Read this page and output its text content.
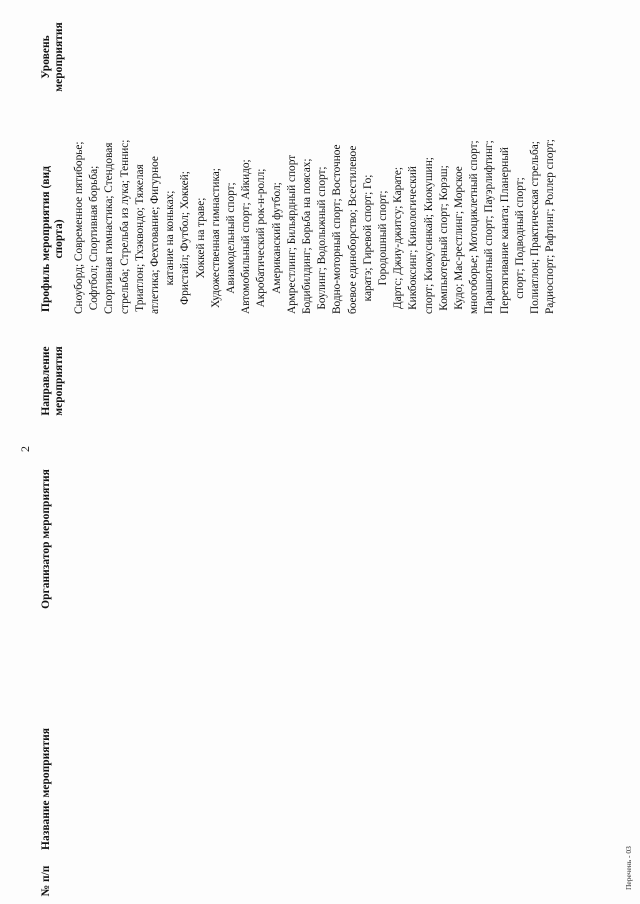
2
№ п/п
Название мероприятия
Организатор мероприятия
Направление мероприятия
Профиль мероприятия (вид спорта)
Уровень мероприятия
Сноуборд; Современное пятиборье; Софтбол; Спортивная борьба; Спортивная гимнастика; Стендовая стрельба; Стрельба из лука; Теннис; Триатлон; Тхэквондо; Тяжелая атлетика; Фехтование; Фигурное катание на коньках; Фристайл; Футбол; Хоккей; Хоккей на траве; Художественная гимнастика; Авиамодельный спорт; Автомобильный спорт; Айкидо; Акробатический рок-н-ролл; Американский футбол; Армрестлинг; Бильярдный спорт Бодибилдинг; Борьба на поясах; Боулинг; Водолыжный спорт; Водно-моторный спорт; Восточное боевое единоборство; Всестилевое каратэ; Гиревой спорт; Го; Городошный спорт; Дартс; Джиу-джитсу; Карате; Кикбоксинг; Кинологический спорт; Киокусинкай; Киокушин; Компьютерный спорт; Корэш; Кудо; Мас-рестлинг; Морское многоборье; Мотоциклетный спорт; Парашютный спорт; Пауэрлифтинг; Перетягивание каната; Планерный спорт; Подводный спорт; Полиатлон; Практическая стрельба; Радиоспорт; Рафтинг; Роллер спорт;
Перечень - 03
